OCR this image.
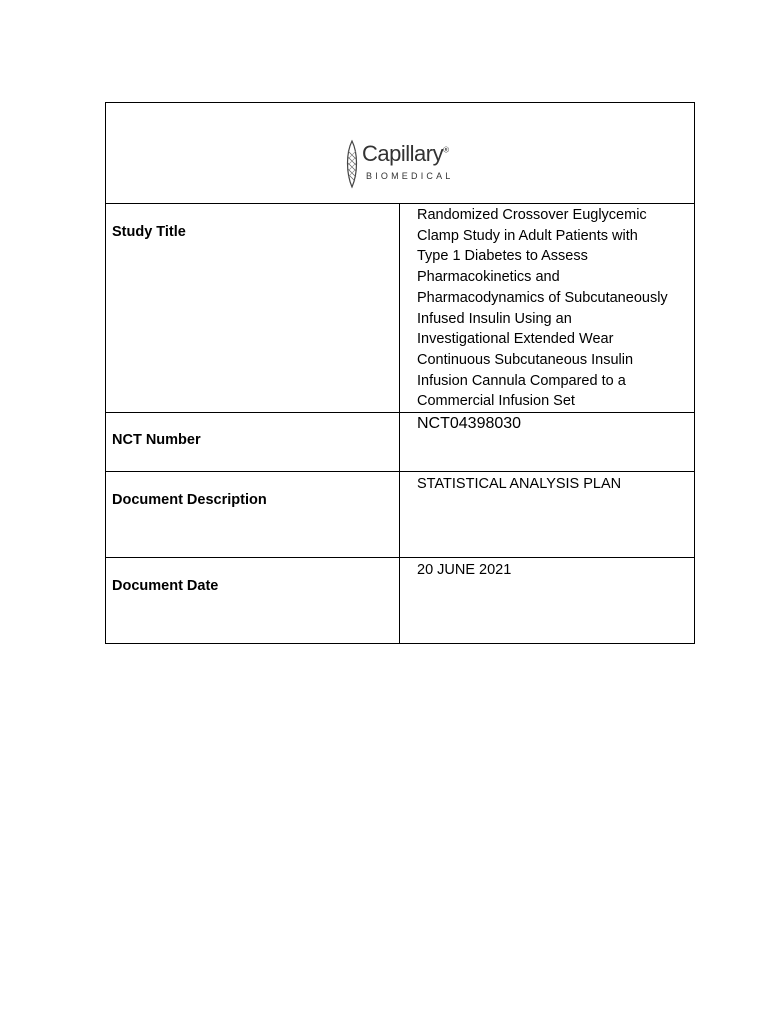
Capillary®
BIOMEDICAL
Study Title
Randomized Crossover Euglycemic
Clamp Study in Adult Patients with
Type 1 Diabetes to Assess
Pharmacokinetics and
Pharmacodynamics of Subcutaneously
Infused Insulin Using an
Investigational Extended Wear
Continuous Subcutaneous Insulin
Infusion Cannula Compared to a
Commercial Infusion Set
NCT Number
NCT04398030
Document Description
STATISTICAL ANALYSIS PLAN
Document Date
20 JUNE 2021
